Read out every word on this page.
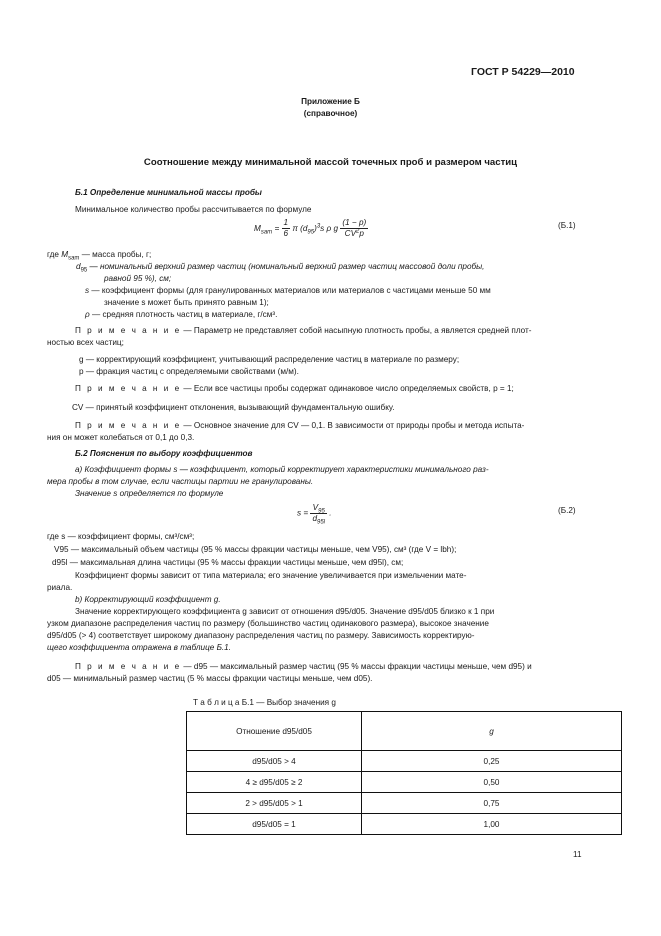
ГОСТ Р 54229—2010
Приложение Б
(справочное)
Соотношение между минимальной массой точечных проб и размером частиц
Б.1 Определение минимальной массы пробы
Минимальное количество пробы рассчитывается по формуле
$M_{sam} = \frac{1}{6}$ π $(d_{95})^3s$ ρ g $\frac{(1 - p)}{CV^2p}$	(Б.1)
где $M_{sam}$ — масса пробы, г;
$d_{95}$ — номинальный верхний размер частиц (номинальный верхний размер частиц массовой доли пробы,
равной 95 %), см;
s — коэффициент формы (для гранулированных материалов или материалов с частицами меньше 50 мм
значение s может быть принято равным 1);
ρ — средняя плотность частиц в материале, г/см³.
П р и м е ч а н и е — Параметр не представляет собой насыпную плотность пробы, а является средней плот-
ностью всех частиц;
g — корректирующий коэффициент, учитывающий распределение частиц в материале по размеру;
p — фракция частиц с определяемыми свойствами (м/м).
П р и м е ч а н и е — Если все частицы пробы содержат одинаковое число определяемых свойств, p = 1;
CV — принятый коэффициент отклонения, вызывающий фундаментальную ошибку.
П р и м е ч а н и е — Основное значение для CV — 0,1. В зависимости от природы пробы и метода испыта-
ния он может колебаться от 0,1 до 0,3.
Б.2 Пояснения по выбору коэффициентов
a) Коэффициент формы s — коэффициент, который корректирует характеристики минимального раз-
мера пробы в том случае, если частицы партии не гранулированы.
Значение s определяется по формуле
$s = \frac{V_{95}}{d_{95l}}$ .	(Б.2)
где s — коэффициент формы, см³/см³;
V95 — максимальный объем частицы (95 % массы фракции частицы меньше, чем V95), см³ (где V = lbh);
d95l — максимальная длина частицы (95 % массы фракции частицы меньше, чем d95l), см;
Коэффициент формы зависит от типа материала; его значение увеличивается при измельчении мате-
риала.
b) Корректирующий коэффициент g.
Значение корректирующего коэффициента g зависит от отношения d95/d05. Значение d95/d05 близко к 1 при
узком диапазоне распределения частиц по размеру (большинство частиц одинакового размера), высокое значение
d95/d05 (> 4) соответствует широкому диапазону распределения частиц по размеру. Зависимость корректирую-
щего коэффициента отражена в таблице Б.1.
П р и м е ч а н и е — d95 — максимальный размер частиц (95 % массы фракции частицы меньше, чем d95) и
d05 — минимальный размер частиц (5 % массы фракции частицы меньше, чем d05).
Т а б л и ц а Б.1 — Выбор значения g
Отношение d95/d05	g
d95/d05 > 4	0,25
4 ≥ d95/d05 ≥ 2	0,50
2 > d95/d05 > 1	0,75
d95/d05 = 1	1,00
11
